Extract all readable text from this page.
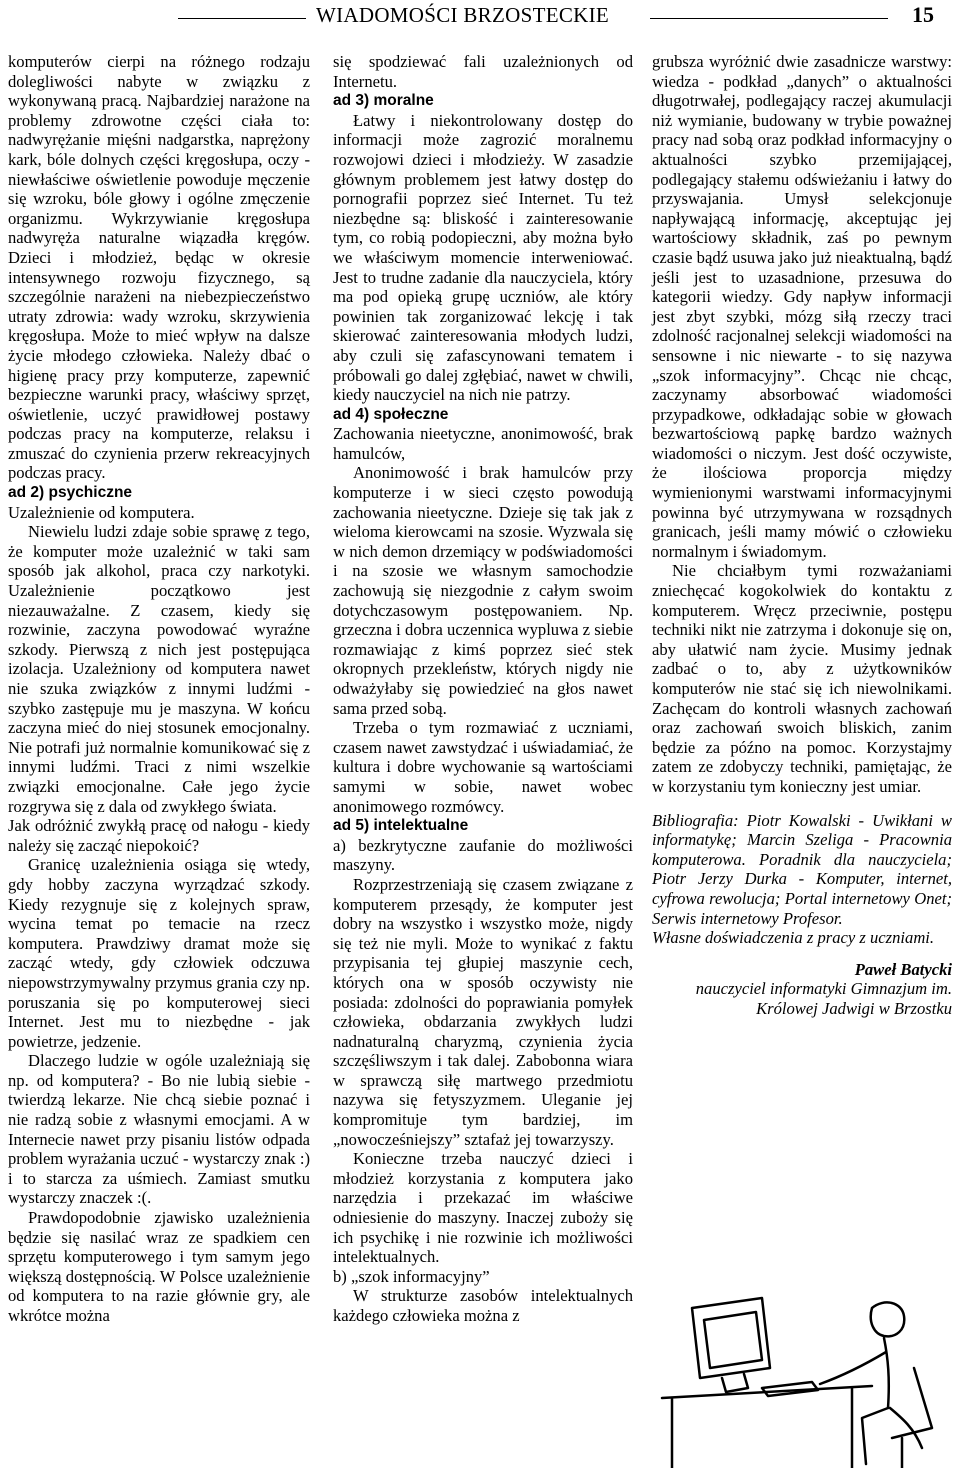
WIADOMOŚCI BRZOSTECKIE	15

komputerów cierpi na różnego rodzaju dolegliwości nabyte w związku z wykonywaną pracą. Najbardziej narażone na problemy zdrowotne części ciała to: nadwyrężanie mięśni nadgarstka, naprężony kark, bóle dolnych części kręgosłupa, oczy - niewłaściwe oświetlenie powoduje męczenie się wzroku, bóle głowy i ogólne zmęczenie organizmu. Wykrzywianie kręgosłupa nadwyręża naturalne wiązadła kręgów. Dzieci i młodzież, będąc w okresie intensywnego rozwoju fizycznego, są szczególnie narażeni na niebezpieczeństwo utraty zdrowia: wady wzroku, skrzywienia kręgosłupa. Może to mieć wpływ na dalsze życie młodego człowieka. Należy dbać o higienę pracy przy komputerze, zapewnić bezpieczne warunki pracy, właściwy sprzęt, oświetlenie, uczyć prawidłowej postawy podczas pracy na komputerze, relaksu i zmuszać do czynienia przerw rekreacyjnych podczas pracy.

ad 2) psychiczne

Uzależnienie od komputera.

Niewielu ludzi zdaje sobie sprawę z tego, że komputer może uzależnić w taki sam sposób jak alkohol, praca czy narkotyki. Uzależnienie początkowo jest niezauważalne. Z czasem, kiedy się rozwinie, zaczyna powodować wyraźne szkody. Pierwszą z nich jest postępująca izolacja. Uzależniony od komputera nawet nie szuka związków z innymi ludźmi - szybko zastępuje mu je maszyna. W końcu zaczyna mieć do niej stosunek emocjonalny. Nie potrafi już normalnie komunikować się z innymi ludźmi. Traci z nimi wszelkie związki emocjonalne. Całe jego życie rozgrywa się z dala od zwykłego świata.

Jak odróżnić zwykłą pracę od nałogu - kiedy należy się zacząć niepokoić?

Granicę uzależnienia osiąga się wtedy, gdy hobby zaczyna wyrządzać szkody. Kiedy rezygnuje się z kolejnych spraw, wycina temat po temacie na rzecz komputera. Prawdziwy dramat może się zacząć wtedy, gdy człowiek odczuwa niepowstrzymywalny przymus grania czy np. poruszania się po komputerowej sieci Internet. Jest mu to niezbędne - jak powietrze, jedzenie.

Dlaczego ludzie w ogóle uzależniają się np. od komputera? - Bo nie lubią siebie - twierdzą lekarze. Nie chcą siebie poznać i nie radzą sobie z własnymi emocjami. A w Internecie nawet przy pisaniu listów odpada problem wyrażania uczuć - wystarczy znak :) i to starcza za uśmiech. Zamiast smutku wystarczy znaczek :(.

Prawdopodobnie zjawisko uzależnienia będzie się nasilać wraz ze spadkiem cen sprzętu komputerowego i tym samym jego większą dostępnością. W Polsce uzależnienie od komputera to na razie głównie gry, ale wkrótce można

się spodziewać fali uzależnionych od Internetu.

ad 3) moralne

Łatwy i niekontrolowany dostęp do informacji może zagrozić moralnemu rozwojowi dzieci i młodzieży. W zasadzie głównym problemem jest łatwy dostęp do pornografii poprzez sieć Internet. Tu też niezbędne są: bliskość i zainteresowanie tym, co robią podopieczni, aby można było we właściwym momencie interweniować. Jest to trudne zadanie dla nauczyciela, który ma pod opieką grupę uczniów, ale który powinien tak zorganizować lekcję i tak skierować zainteresowania młodych ludzi, aby czuli się zafascynowani tematem i próbowali go dalej zgłębiać, nawet w chwili, kiedy nauczyciel na nich nie patrzy.

ad 4) społeczne

Zachowania nieetyczne, anonimowość, brak hamulców,

Anonimowość i brak hamulców przy komputerze i w sieci często powodują zachowania nieetyczne. Dzieje się tak jak z wieloma kierowcami na szosie. Wyzwala się w nich demon drzemiący w podświadomości i na szosie we własnym samochodzie zachowują się niezgodnie z całym swoim dotychczasowym postępowaniem. Np. grzeczna i dobra uczennica wypluwa z siebie rozmawiając z kimś poprzez sieć stek okropnych przekleństw, których nigdy nie odważyłaby się powiedzieć na głos nawet sama przed sobą.

Trzeba o tym rozmawiać z uczniami, czasem nawet zawstydzać i uświadamiać, że kultura i dobre wychowanie są wartościami samymi w sobie, nawet wobec anonimowego rozmówcy.

ad 5) intelektualne

a) bezkrytyczne zaufanie do możliwości maszyny.

Rozprzestrzeniają się czasem związane z komputerem przesądy, że komputer jest dobry na wszystko i wszystko może, nigdy się też nie myli. Może to wynikać z faktu przypisania tej głupiej maszynie cech, których ona w sposób oczywisty nie posiada: zdolności do poprawiania pomyłek człowieka, obdarzania zwykłych ludzi nadnaturalną charyzmą, czynienia życia szczęśliwszym i tak dalej. Zabobonna wiara w sprawczą siłę martwego przedmiotu nazywa się fetyszyzmem. Uleganie jej kompromituje tym bardziej, im „nowocześniejszy” sztafaż jej towarzyszy.

Konieczne trzeba nauczyć dzieci i młodzież korzystania z komputera jako narzędzia i przekazać im właściwe odniesienie do maszyny. Inaczej zuboży się ich psychikę i nie rozwinie ich możliwości intelektualnych.

b) „szok informacyjny”

W strukturze zasobów intelektualnych każdego człowieka można z

grubsza wyróżnić dwie zasadnicze warstwy: wiedza - podkład „danych” o aktualności długotrwałej, podlegający raczej akumulacji niż wymianie, budowany w trybie poważnej pracy nad sobą oraz podkład informacyjny o aktualności szybko przemijającej, podlegający stałemu odświeżaniu i łatwy do przyswajania. Umysł selekcjonuje napływającą informację, akceptując jej wartościowy składnik, zaś po pewnym czasie bądź usuwa jako już nieaktualną, bądź jeśli jest to uzasadnione, przesuwa do kategorii wiedzy. Gdy napływ informacji jest zbyt szybki, mózg siłą rzeczy traci zdolność racjonalnej selekcji wiadomości na sensowne i nic niewarte - to się nazywa „szok informacyjny”. Chcąc nie chcąc, zaczynamy absorbować wiadomości przypadkowe, odkładając sobie w głowach bezwartościową papkę bardzo ważnych wiadomości o niczym. Jest dość oczywiste, że ilościowa proporcja między wymienionymi warstwami informacyjnymi powinna być utrzymywana w rozsądnych granicach, jeśli mamy mówić o człowieku normalnym i świadomym.

Nie chciałbym tymi rozważaniami zniechęcać kogokolwiek do kontaktu z komputerem. Wręcz przeciwnie, postępu techniki nikt nie zatrzyma i dokonuje się on, aby ułatwić nam życie. Musimy jednak zadbać o to, aby z użytkowników komputerów nie stać się ich niewolnikami. Zachęcam do kontroli własnych zachowań oraz zachowań swoich bliskich, zanim będzie za późno na pomoc. Korzystajmy zatem ze zdobyczy techniki, pamiętając, że w korzystaniu tym konieczny jest umiar.

Bibliografia: Piotr Kowalski - Uwikłani w informatykę; Marcin Szeliga - Pracownia komputerowa. Poradnik dla nauczyciela; Piotr Jerzy Durka - Komputer, internet, cyfrowa rewolucja; Portal internetowy Onet; Serwis internetowy Profesor.

Własne doświadczenia z pracy z uczniami.

Paweł Batycki

nauczyciel informatyki Gimnazjum im. Królowej Jadwigi w Brzostku
